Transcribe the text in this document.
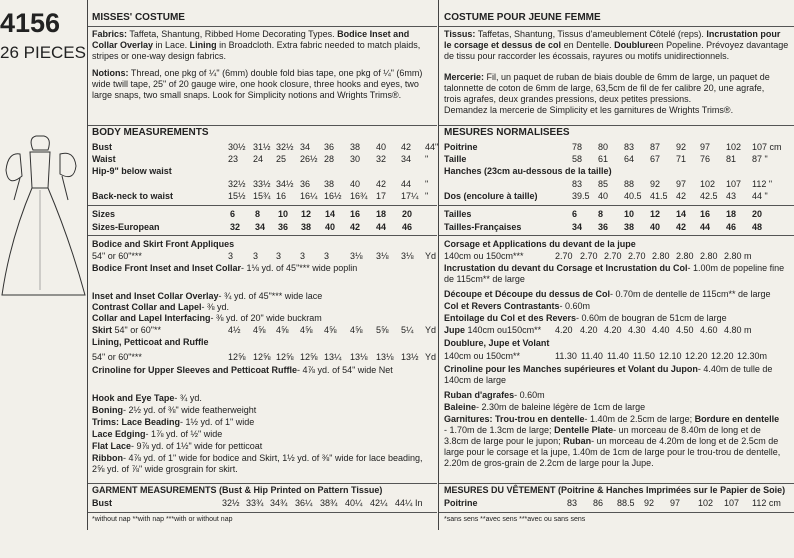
4156
26 PIECES
MISSES' COSTUME
Fabrics: Taffeta, Shantung, Ribbed Home Decorating Types. Bodice Inset and
Collar Overlay in Lace. Lining in Broadcloth. Extra fabric needed to match plaids,
stripes or one-way design fabrics.
Notions: Thread, one pkg of ¼" (6mm) double fold bias tape, one pkg of ¼" (6mm)
wide twill tape, 25" of 20 gauge wire, one hook closure, three hooks and eyes, two
large snaps, two small snaps. Look for Simplicity notions and Wrights Trims®.
BODY MEASUREMENTS
Bust
Waist
Hip-9" below waist
Back-neck to waist
Sizes
Sizes-European
Bodice and Skirt Front Appliques
54" or 60"***
Bodice Front Inset and Inset Collar- 1⅛ yd. of 45"*** wide poplin
Inset and Inset Collar Overlay- ¾ yd. of 45"*** wide lace
Contrast Collar and Lapel- ⅜ yd.
Collar and Lapel Interfacing- ⅜ yd. of 20" wide buckram
Skirt 54" or 60"**
Lining, Petticoat and Ruffle
54" or 60"***
Crinoline for Upper Sleeves and Petticoat Ruffle- 4⅞ yd. of 54" wide Net
Hook and Eye Tape- ¾ yd.
Boning- 2½ yd. of ⅜" wide featherweight
Trims: Lace Beading- 1½ yd. of 1" wide
Lace Edging- 1⅞ yd. of ½" wide
Flat Lace- 9⅞ yd. of 1½" wide for petticoat
Ribbon- 4⅞ yd. of 1" wide for bodice and Skirt, 1½ yd. of ⅜" wide for lace beading,
2⅝ yd. of ⅞" wide grosgrain for skirt.
GARMENT MEASUREMENTS (Bust & Hip Printed on Pattern Tissue)
Bust
*without nap **with nap ***with or without nap
COSTUME POUR JEUNE FEMME
Tissus: Taffetas, Shantung, Tissus d'ameublement Côtelé (reps). Incrustation pour
le corsage et dessus de col en Dentelle. Doublureen Popeline. Prévoyez davantage
de tissu pour raccorder les écossais, rayures ou motifs unidirectionnels.
Mercerie: Fil, un paquet de ruban de biais double de 6mm de large, un paquet de
talonnette de coton de 6mm de large, 63,5cm de fil de fer calibre 20, une agrafe,
trois agrafes, deux grandes pressions, deux petites pressions.
Demandez la mercerie de Simplicity et les garnitures de Wrights Trims®.
MESURES NORMALISEES
Poitrine
Taille
Hanches (23cm au-dessous de la taille)
Dos (encolure à taille)
Tailles
Tailles-Françaises
Corsage et Applications du devant de la jupe
140cm ou 150cm***
Incrustation du devant du Corsage et Incrustation du Col- 1.00m de popeline fine
de 115cm** de large
Découpe et Découpe du dessus de Col- 0.70m de dentelle de 115cm** de large
Col et Revers Contrastants- 0.60m
Entoilage du Col et des Revers- 0.60m de bougran de 51cm de large
Jupe 140cm ou150cm**
Doublure, Jupe et Volant
140cm ou 150cm**
Crinoline pour les Manches supérieures et Volant du Jupon- 4.40m de tulle de
140cm de large
Ruban d'agrafes- 0.60m
Baleine- 2.30m de baleine légère de 1cm de large
Garnitures: Trou-trou en dentelle- 1.40m de 2.5cm de large; Bordure en dentelle
- 1.70m de 1.3cm de large; Dentelle Plate- un morceau de 8.40m de long et de
3.8cm de large pour le jupon; Ruban- un morceau de 4.20m de long et de 2.5cm de
large pour le corsage et la jupe, 1.40m de 1cm de large pour le trou-trou de dentelle,
2.20m de gros-grain de 2.2cm de large pour la Jupe.
MESURES DU VÊTEMENT (Poitrine & Hanches Imprimées sur le Papier de Soie)
Poitrine
*sans sens **avec sens ***avec ou sans sens
30½ 31½ 32½ 34 36 38 40 42 44"
23 24 25 26½ 28 30 32 34 "
32½ 33½ 34½ 36 38 40 42 44 "
15½ 15¾ 16 16¼ 16½ 16¾ 17 17¼ "
6 8 10 12 14 16 18 20
32 34 36 38 40 42 44 46
3 3 3 3 3 3⅛ 3⅛ 3⅛ Yd
4½ 4⅝ 4⅝ 4⅝ 4⅝ 4⅝ 5⅝ 5¼ Yd
12⅝ 12⅝ 12⅝ 12⅝ 13¼ 13⅛ 13⅛ 13½ Yd
32½ 33¾ 34¾ 36¼ 38¾ 40¼ 42¼ 44¼ In
78 80 83 87 92 97 102 107 cm
58 61 64 67 71 76 81 87 "
83 85 88 92 97 102 107 112 "
39.5 40 40.5 41.5 42 42.5 43 44 "
6 8 10 12 14 16 18 20
34 36 38 40 42 44 46 48
2.70 2.70 2.70 2.70 2.80 2.80 2.80 2.80 m
4.20 4.20 4.20 4.30 4.40 4.50 4.60 4.80 m
11.30 11.40 11.40 11.50 12.10 12.20 12.20 12.30m
83 86 88.5 92 97 102 107 112 cm
